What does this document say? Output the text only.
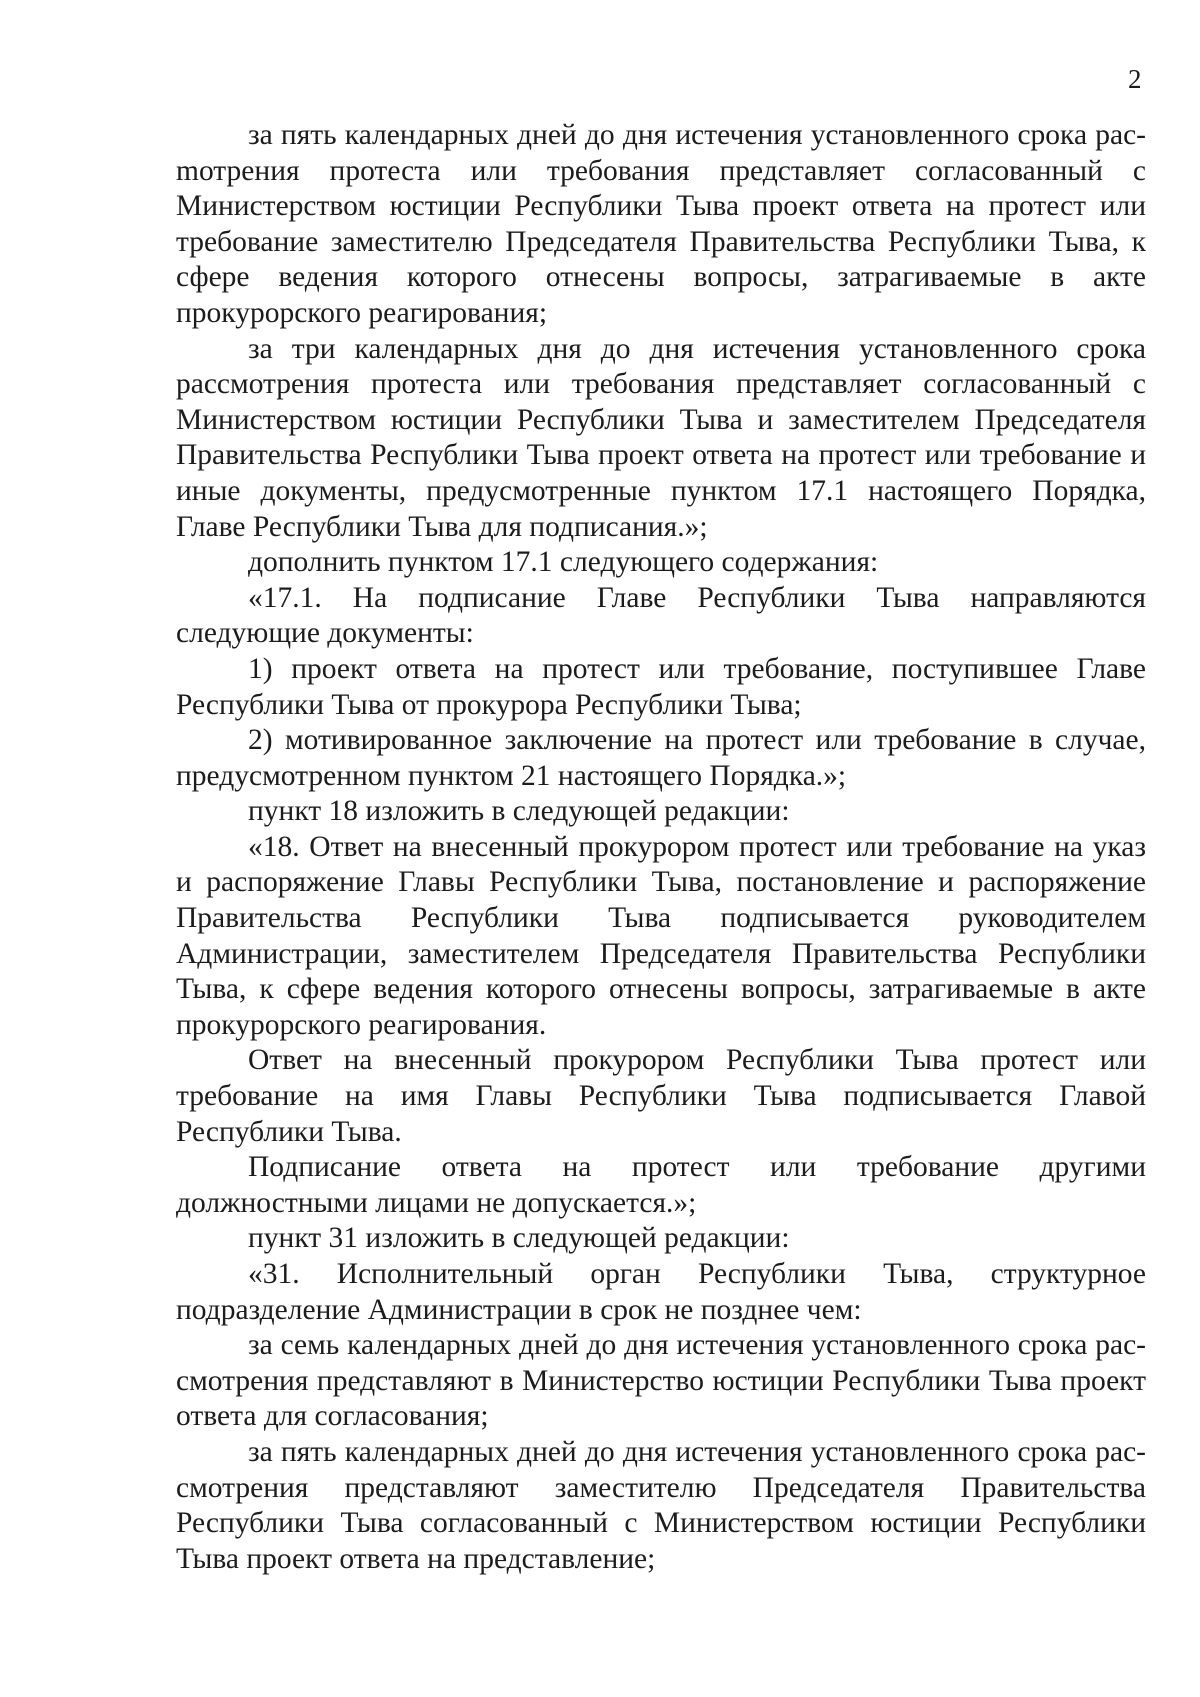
2

за пять календарных дней до дня истечения установленного срока расmотрения протеста или требования представляет согласованный с Министерством юстиции Республики Тыва проект ответа на протест или требование заместителю Председателя Правительства Республики Тыва, к сфере ведения которого отнесены вопросы, затрагиваемые в акте прокурорского реагирования;

за три календарных дня до дня истечения установленного срока рассмотрения протеста или требования представляет согласованный с Министерством юстиции Республики Тыва и заместителем Председателя Правительства Республики Тыва проект ответа на протест или требование и иные документы, предусмотренные пунктом 17.1 настоящего Порядка, Главе Республики Тыва для подписания.»;

дополнить пунктом 17.1 следующего содержания:

«17.1. На подписание Главе Республики Тыва направляются следующие документы:

1) проект ответа на протест или требование, поступившее Главе Республики Тыва от прокурора Республики Тыва;

2) мотивированное заключение на протест или требование в случае, предусмотренном пунктом 21 настоящего Порядка.»;

пункт 18 изложить в следующей редакции:

«18. Ответ на внесенный прокурором протест или требование на указ и распоряжение Главы Республики Тыва, постановление и распоряжение Правительства Республики Тыва подписывается руководителем Администрации, заместителем Председателя Правительства Республики Тыва, к сфере ведения которого отнесены вопросы, затрагиваемые в акте прокурорского реагирования.

Ответ на внесенный прокурором Республики Тыва протест или требование на имя Главы Республики Тыва подписывается Главой Республики Тыва.

Подписание ответа на протест или требование другими должностными лицами не допускается.»;

пункт 31 изложить в следующей редакции:

«31. Исполнительный орган Республики Тыва, структурное подразделение Администрации в срок не позднее чем:

за семь календарных дней до дня истечения установленного срока рассмотрения представляют в Министерство юстиции Республики Тыва проект ответа для согласования;

за пять календарных дней до дня истечения установленного срока рассмотрения представляют заместителю Председателя Правительства Республики Тыва согласованный с Министерством юстиции Республики Тыва проект ответа на представление;
